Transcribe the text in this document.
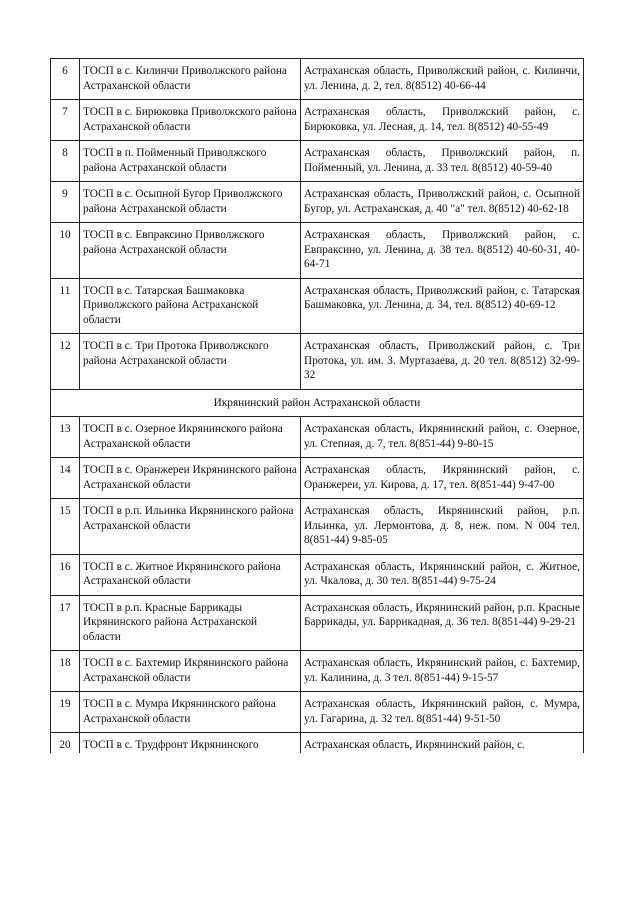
6	ТОСП в с. Килинчи Приволжского района Астраханской области	Астраханская область, Приволжский район, с. Килинчи, ул. Ленина, д. 2, тел. 8(8512) 40-66-44
7	ТОСП в с. Бирюковка Приволжского района Астраханской области	Астраханская область, Приволжский район, с. Бирюковка, ул. Лесная, д. 14, тел. 8(8512) 40-55-49
8	ТОСП в п. Пойменный Приволжского района Астраханской области	Астраханская область, Приволжский район, п. Пойменный, ул. Ленина, д. 33 тел. 8(8512) 40-59-40
9	ТОСП в с. Осыпной Бугор Приволжского района Астраханской области	Астраханская область, Приволжский район, с. Осыпной Бугор, ул. Астраханская, д. 40 "а" тел. 8(8512) 40-62-18
10	ТОСП в с. Евпраксино Приволжского района Астраханской области	Астраханская область, Приволжский район, с. Евпраксино, ул. Ленина, д. 38 тел. 8(8512) 40-60-31, 40-64-71
11	ТОСП в с. Татарская Башмаковка Приволжского района Астраханской области	Астраханская область, Приволжский район, с. Татарская Башмаковка, ул. Ленина, д. 34, тел. 8(8512) 40-69-12
12	ТОСП в с. Три Протока Приволжского района Астраханской области	Астраханская область, Приволжский район, с. Три Протока, ул. им. З. Муртазаева, д. 20 тел. 8(8512) 32-99-32
Икрянинский район Астраханской области		
13	ТОСП в с. Озерное Икрянинского района Астраханской области	Астраханская область, Икрянинский район, с. Озерное, ул. Степная, д. 7, тел. 8(851-44) 9-80-15
14	ТОСП в с. Оранжереи Икрянинского района Астраханской области	Астраханская область, Икрянинский район, с. Оранжереи, ул. Кирова, д. 17, тел. 8(851-44) 9-47-00
15	ТОСП в р.п. Ильинка Икрянинского района Астраханской области	Астраханская область, Икрянинский район, р.п. Ильинка, ул. Лермонтова, д. 8, неж. пом. N 004 тел. 8(851-44) 9-85-05
16	ТОСП в с. Житное Икрянинского района Астраханской области	Астраханская область, Икрянинский район, с. Житное, ул. Чкалова, д. 30 тел. 8(851-44) 9-75-24
17	ТОСП в р.п. Красные Баррикады Икрянинского района Астраханской области	Астраханская область, Икрянинский район, р.п. Красные Баррикады, ул. Баррикадная, д. 36 тел. 8(851-44) 9-29-21
18	ТОСП в с. Бахтемир Икрянинского района Астраханской области	Астраханская область, Икрянинский район, с. Бахтемир, ул. Калинина, д. 3 тел. 8(851-44) 9-15-57
19	ТОСП в с. Мумра Икрянинского района Астраханской области	Астраханская область, Икрянинский район, с. Мумра, ул. Гагарина, д. 32 тел. 8(851-44) 9-51-50
20	ТОСП в с. Трудфронт Икрянинского	Астраханская область, Икрянинский район, с.
